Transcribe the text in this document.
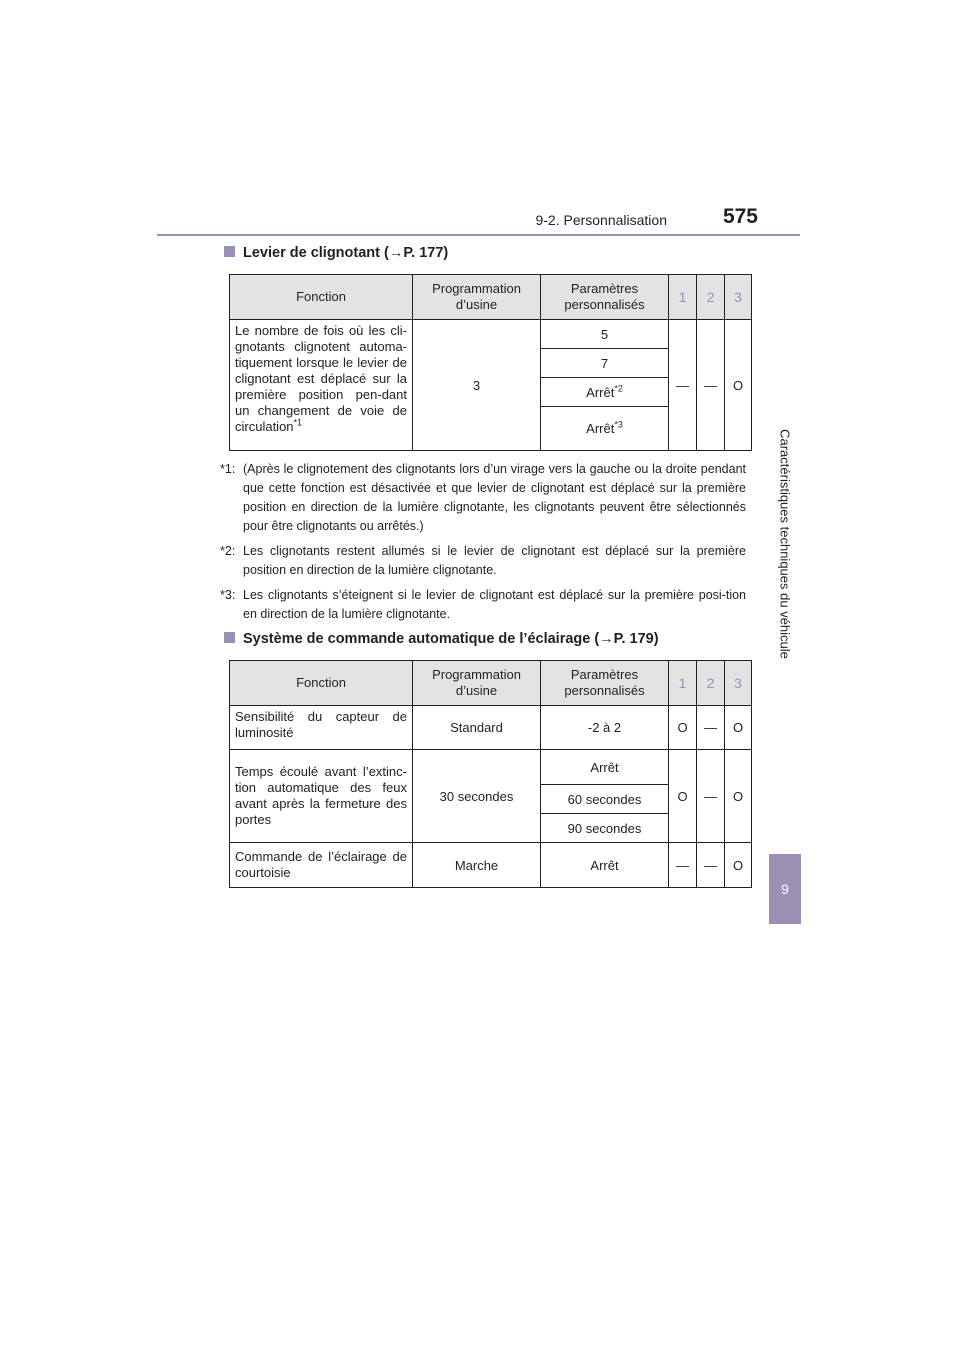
9-2. Personnalisation	575
Caractéristiques techniques du véhicule
9
Levier de clignotant (→P. 177)
Fonction	Programmation d’usine	Paramètres personnalisés	1	2	3
Le nombre de fois où les cli-gnotants clignotent automa-tiquement lorsque le levier de clignotant est déplacé sur la première position pen-dant un changement de voie de circulation$^{*1}$	3	5	—	—	O
		7			
		Arrêt$^{*2}$
		Arrêt$^{*3}$
*1: (Après le clignotement des clignotants lors d’un virage vers la gauche ou la droite pendant que cette fonction est désactivée et que levier de clignotant est déplacé sur la première position en direction de la lumière clignotante, les clignotants peuvent être sélectionnés pour être clignotants ou arrêtés.)
*2: Les clignotants restent allumés si le levier de clignotant est déplacé sur la première position en direction de la lumière clignotante.
*3: Les clignotants s’éteignent si le levier de clignotant est déplacé sur la première posi-tion en direction de la lumière clignotante.
Système de commande automatique de l’éclairage (→P. 179)
Fonction	Programmation d’usine	Paramètres personnalisés	1	2	3
Sensibilité du capteur de luminosité	Standard	-2 à 2	O	—	O
Temps écoulé avant l’extinc-tion automatique des feux avant après la fermeture des portes	30 secondes	Arrêt	O	—	O
		60 secondes			
		90 secondes			
Commande de l’éclairage de courtoisie	Marche	Arrêt	—	—	O
